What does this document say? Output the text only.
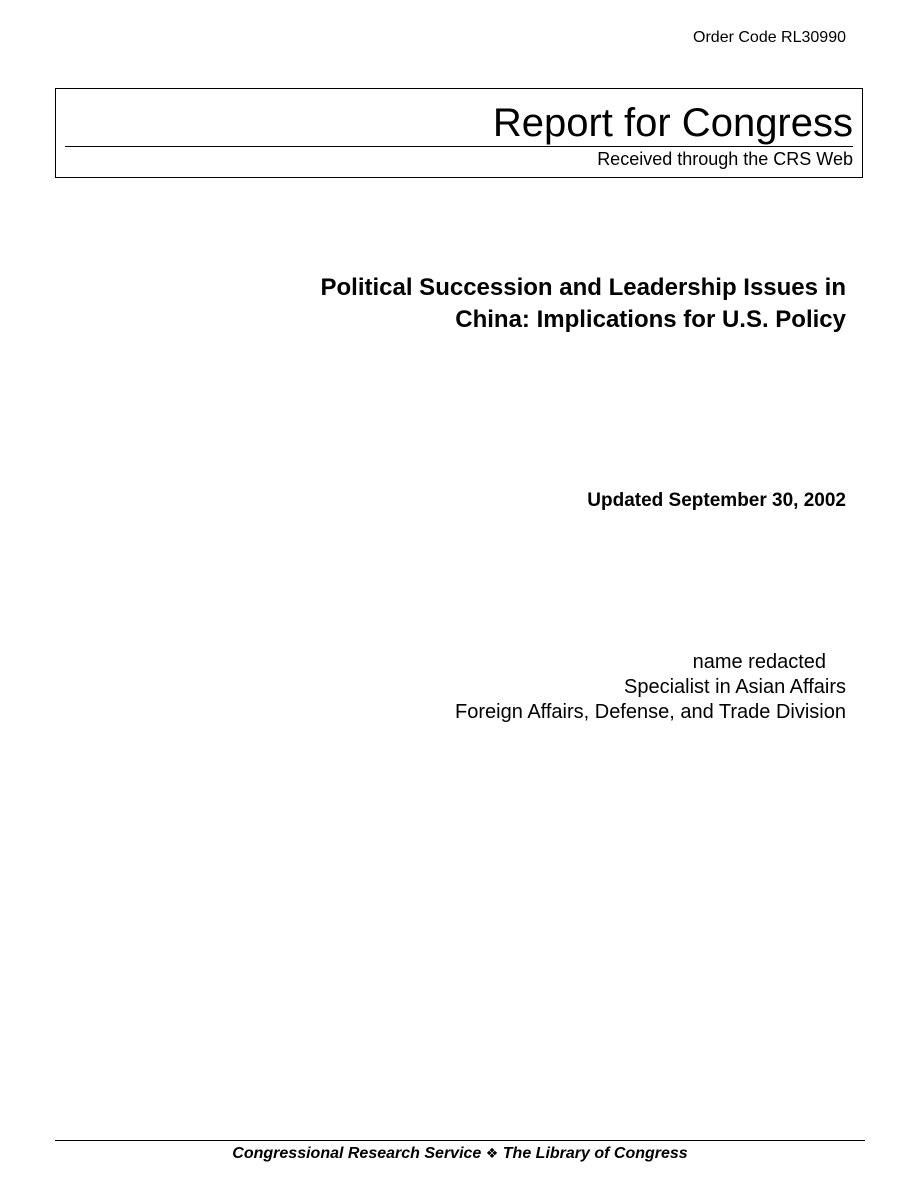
Order Code RL30990
Report for Congress
Received through the CRS Web
Political Succession and Leadership Issues in
China: Implications for U.S. Policy
Updated September 30, 2002
name redacted
Specialist in Asian Affairs
Foreign Affairs, Defense, and Trade Division
Congressional Research Service ❖ The Library of Congress
